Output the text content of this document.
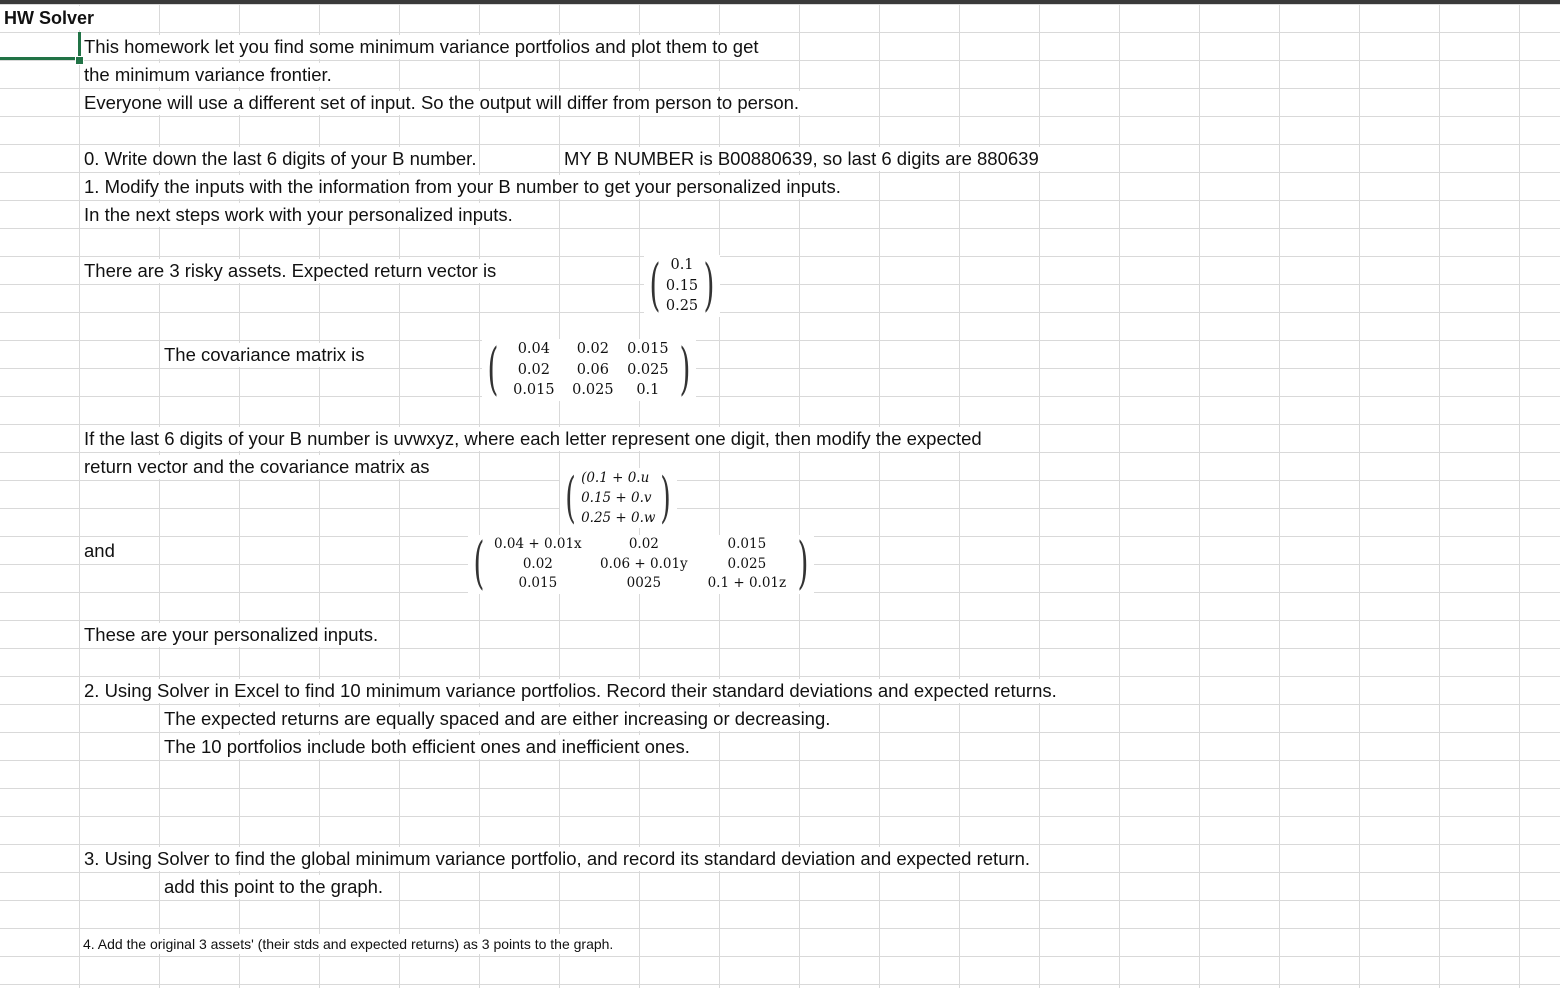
HW Solver
This homework let you find some minimum variance portfolios and plot them to get
the minimum variance frontier.
Everyone will use a different set of input. So the output will differ from person to person.
0. Write down the last 6 digits of your B number.	MY B NUMBER is B00880639, so last 6 digits are 880639
1. Modify the inputs with the information from your B number to get your personalized inputs.
In the next steps work with your personalized inputs.
There are 3 risky assets. Expected return vector is	( 0.1
0.15
0.25 )
The covariance matrix is (	0.04	0.02	0.015
0.02	0.06	0.025
0.015	0.025	0.1 )
If the last 6 digits of your B number is uvwxyz, where each letter represent one digit, then modify the expected
return vector and the covariance matrix as	( (0.1 + 0.u
0.15 + 0.v
0.25 + 0.w )
and	( 0.04 + 0.01x	0.02	0.015
0.02	0.06 + 0.01y	0.025
0.015	0025	0.1 + 0.01z )
These are your personalized inputs.
2. Using Solver in Excel to find 10 minimum variance portfolios. Record their standard deviations and expected returns.
The expected returns are equally spaced and are either increasing or decreasing.
The 10 portfolios include both efficient ones and inefficient ones.
3. Using Solver to find the global minimum variance portfolio, and record its standard deviation and expected return.
add this point to the graph.
4. Add the original 3 assets' (their stds and expected returns) as 3 points to the graph.
